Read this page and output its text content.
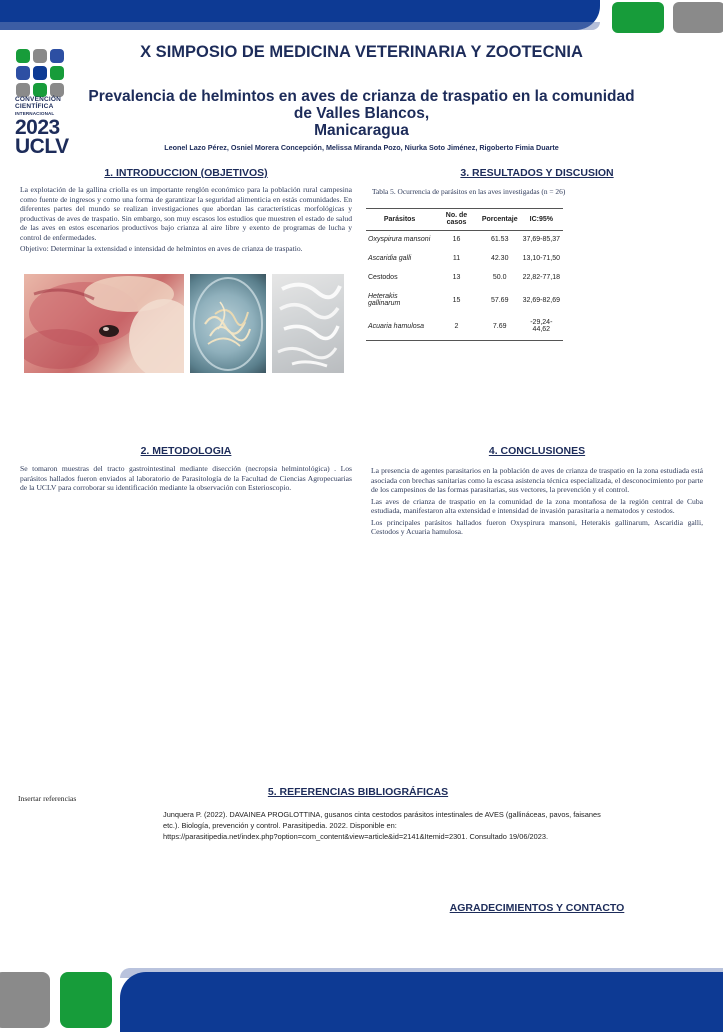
CONVENCIÓN
CIENTÍFICA
INTERNACIONAL
2023
UCLV
X SIMPOSIO DE MEDICINA VETERINARIA Y ZOOTECNIA
Prevalencia de helmintos en aves de crianza de traspatio en la comunidad
de Valles Blancos,
Manicaragua
Leonel Lazo Pérez, Osniel Morera Concepción, Melissa Miranda Pozo, Niurka Soto Jiménez, Rigoberto Fimia Duarte
1. INTRODUCCION (OBJETIVOS)

La explotación de la gallina criolla es un importante renglón económico para la población rural campesina como fuente de ingresos y como una forma de garantizar la seguridad alimenticia en estás comunidades. En diferentes partes del mundo se realizan investigaciones que abordan las características morfológicas y productivas de aves de traspatio. Sin embargo, son muy escasos los estudios que muestren el estado de salud de las aves en estos escenarios productivos bajo crianza al aire libre y exento de programas de lucha y control de enfermedades.

Objetivo: Determinar la extensidad e intensidad de helmintos en aves de crianza de traspatio.

3. RESULTADOS Y DISCUSION
Tabla 5. Ocurrencia de parásitos en las aves investigadas (n = 26)
Parásitos	No. de casos	Porcentaje	IC:95%
Oxyspirura mansoni	16	61.53	37,69-85,37
Ascaridia galli	11	42.30	13,10-71,50
Cestodos	13	50.0	22,82-77,18
Heterakis gallinarum	15	57.69	32,69-82,69
Acuaria hamulosa	2	7.69	-29,24-44,62
2. METODOLOGIA

Se tomaron muestras del tracto gastrointestinal mediante disección (necropsia helmintológica) . Los parásitos hallados fueron enviados al laboratorio de Parasitología de la Facultad de Ciencias Agropecuarias de la UCLV para corroborar su identificación mediante la observación con Esterioscopio.

4. CONCLUSIONES

La presencia de agentes parasitarios en la población de aves de crianza de traspatio en la zona estudiada está asociada con brechas sanitarias como la escasa asistencia técnica especializada, el desconocimiento por parte de los campesinos de las formas parasitarias, sus vectores, la prevención y el control.

Las aves de crianza de traspatio en la comunidad de la zona montañosa de la región central de Cuba estudiada, manifestaron alta extensidad e intensidad de invasión parasitaria a nematodos y cestodos.

Los principales parásitos hallados fueron Oxyspirura mansoni, Heterakis gallinarum, Ascaridia galli, Cestodos y Acuaria hamulosa.

Insertar referencias
5. REFERENCIAS BIBLIOGRÁFICAS
Junquera P. (2022). DAVAINEA PROGLOTTINA, gusanos cinta cestodos parásitos intestinales de AVES (gallináceas, pavos, faisanes
etc.). Biología, prevención y control. Parasitipedia. 2022. Disponible en:
https://parasitipedia.net/index.php?option=com_content&view=article&id=2141&Itemid=2301. Consultado 19/06/2023.
AGRADECIMIENTOS Y CONTACTO
